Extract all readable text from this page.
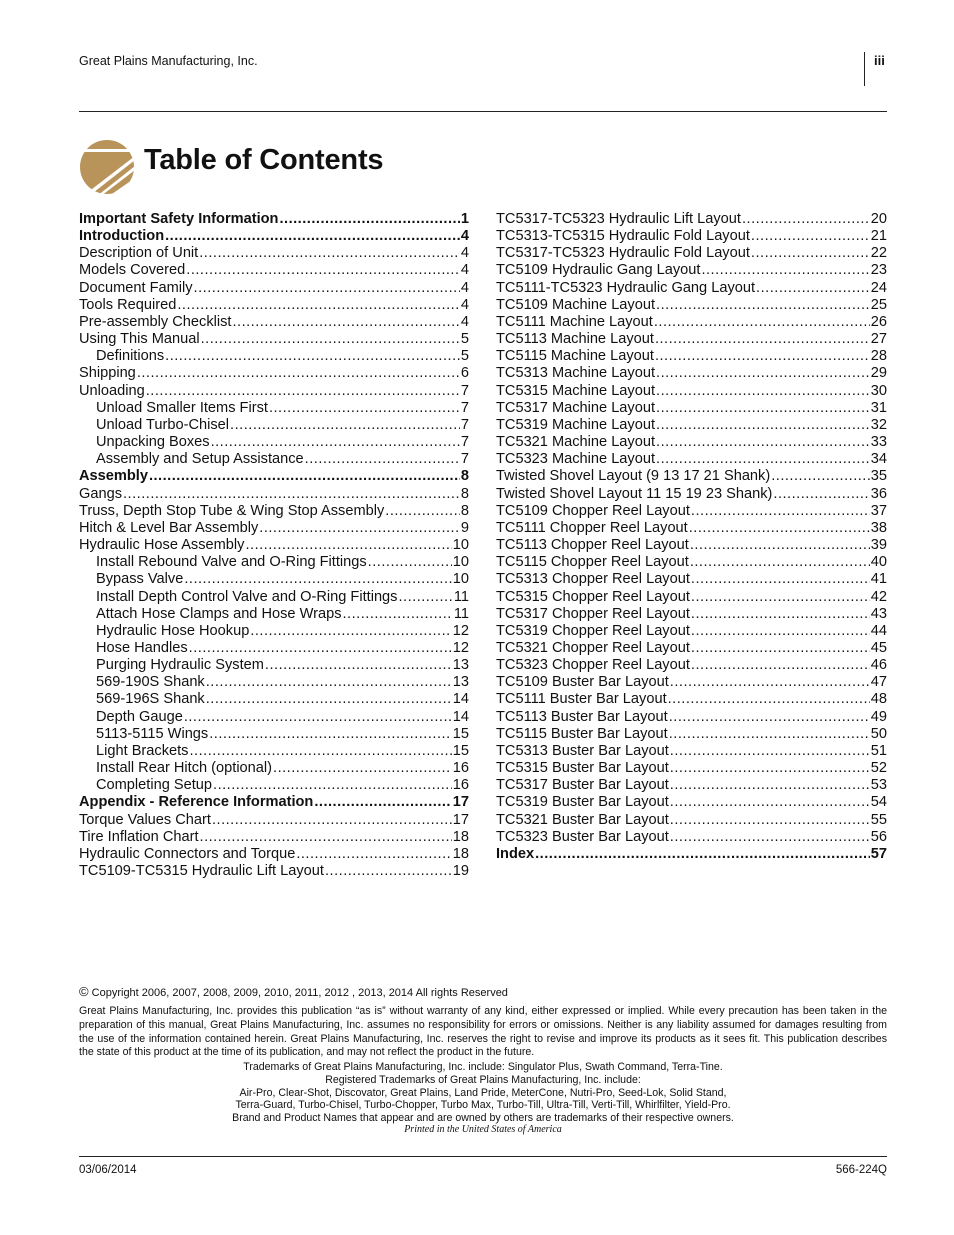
Great Plains Manufacturing, Inc.	iii
Table of Contents
Important Safety Information .....	1
Introduction .....	4
Description of Unit .....	4
Models Covered .....	4
Document Family .....	4
Tools Required .....	4
Pre-assembly Checklist .....	4
Using This Manual .....	5
Definitions .....	5
Shipping .....	6
Unloading .....	7
Unload Smaller Items First .....	7
Unload Turbo-Chisel .....	7
Unpacking Boxes .....	7
Assembly and Setup Assistance .....	7
Assembly .....	8
Gangs .....	8
Truss, Depth Stop Tube & Wing Stop Assembly .....	8
Hitch & Level Bar Assembly .....	9
Hydraulic Hose Assembly .....	10
Install Rebound Valve and O-Ring Fittings .....	10
Bypass Valve .....	10
Install Depth Control Valve and O-Ring Fittings .....	11
Attach Hose Clamps and Hose Wraps .....	11
Hydraulic Hose Hookup .....	12
Hose Handles .....	12
Purging Hydraulic System .....	13
569-190S Shank .....	13
569-196S Shank .....	14
Depth Gauge .....	14
5113-5115 Wings .....	15
Light Brackets .....	15
Install Rear Hitch (optional) .....	16
Completing Setup .....	16
Appendix - Reference Information .....	17
Torque Values Chart .....	17
Tire Inflation Chart .....	18
Hydraulic Connectors and Torque .....	18
TC5109-TC5315 Hydraulic Lift Layout .....	19
TC5317-TC5323 Hydraulic Lift Layout .....	20
TC5313-TC5315 Hydraulic Fold Layout .....	21
TC5317-TC5323 Hydraulic Fold Layout .....	22
TC5109 Hydraulic Gang Layout .....	23
TC5111-TC5323 Hydraulic Gang Layout .....	24
TC5109 Machine Layout .....	25
TC5111 Machine Layout .....	26
TC5113 Machine Layout .....	27
TC5115 Machine Layout .....	28
TC5313 Machine Layout .....	29
TC5315 Machine Layout .....	30
TC5317 Machine Layout .....	31
TC5319 Machine Layout .....	32
TC5321 Machine Layout .....	33
TC5323 Machine Layout .....	34
Twisted Shovel Layout (9 13 17 21 Shank) .....	35
Twisted Shovel Layout 11 15 19 23 Shank) .....	36
TC5109 Chopper Reel Layout .....	37
TC5111 Chopper Reel Layout .....	38
TC5113 Chopper Reel Layout .....	39
TC5115 Chopper Reel Layout .....	40
TC5313 Chopper Reel Layout .....	41
TC5315 Chopper Reel Layout .....	42
TC5317 Chopper Reel Layout .....	43
TC5319 Chopper Reel Layout .....	44
TC5321 Chopper Reel Layout .....	45
TC5323 Chopper Reel Layout .....	46
TC5109 Buster Bar Layout .....	47
TC5111 Buster Bar Layout .....	48
TC5113 Buster Bar Layout .....	49
TC5115 Buster Bar Layout .....	50
TC5313 Buster Bar Layout .....	51
TC5315 Buster Bar Layout .....	52
TC5317 Buster Bar Layout .....	53
TC5319 Buster Bar Layout .....	54
TC5321 Buster Bar Layout .....	55
TC5323 Buster Bar Layout .....	56
Index .....	57
© Copyright 2006, 2007, 2008, 2009, 2010, 2011, 2012 , 2013, 2014 All rights Reserved
Great Plains Manufacturing, Inc. provides this publication “as is” without warranty of any kind, either expressed or implied. While every precaution has been taken in the preparation of this manual, Great Plains Manufacturing, Inc. assumes no responsibility for errors or omissions. Neither is any liability assumed for damages resulting from the use of the information contained herein. Great Plains Manufacturing, Inc. reserves the right to revise and improve its products as it sees fit. This publication describes the state of this product at the time of its publication, and may not reflect the product in the future.
Trademarks of Great Plains Manufacturing, Inc. include: Singulator Plus, Swath Command, Terra-Tine.
Registered Trademarks of Great Plains Manufacturing, Inc. include:
Air-Pro, Clear-Shot, Discovator, Great Plains, Land Pride, MeterCone, Nutri-Pro, Seed-Lok, Solid Stand,
Terra-Guard, Turbo-Chisel, Turbo-Chopper, Turbo Max, Turbo-Till, Ultra-Till, Verti-Till, Whirlfilter, Yield-Pro.
Brand and Product Names that appear and are owned by others are trademarks of their respective owners.
Printed in the United States of America
03/06/2014	566-224Q
